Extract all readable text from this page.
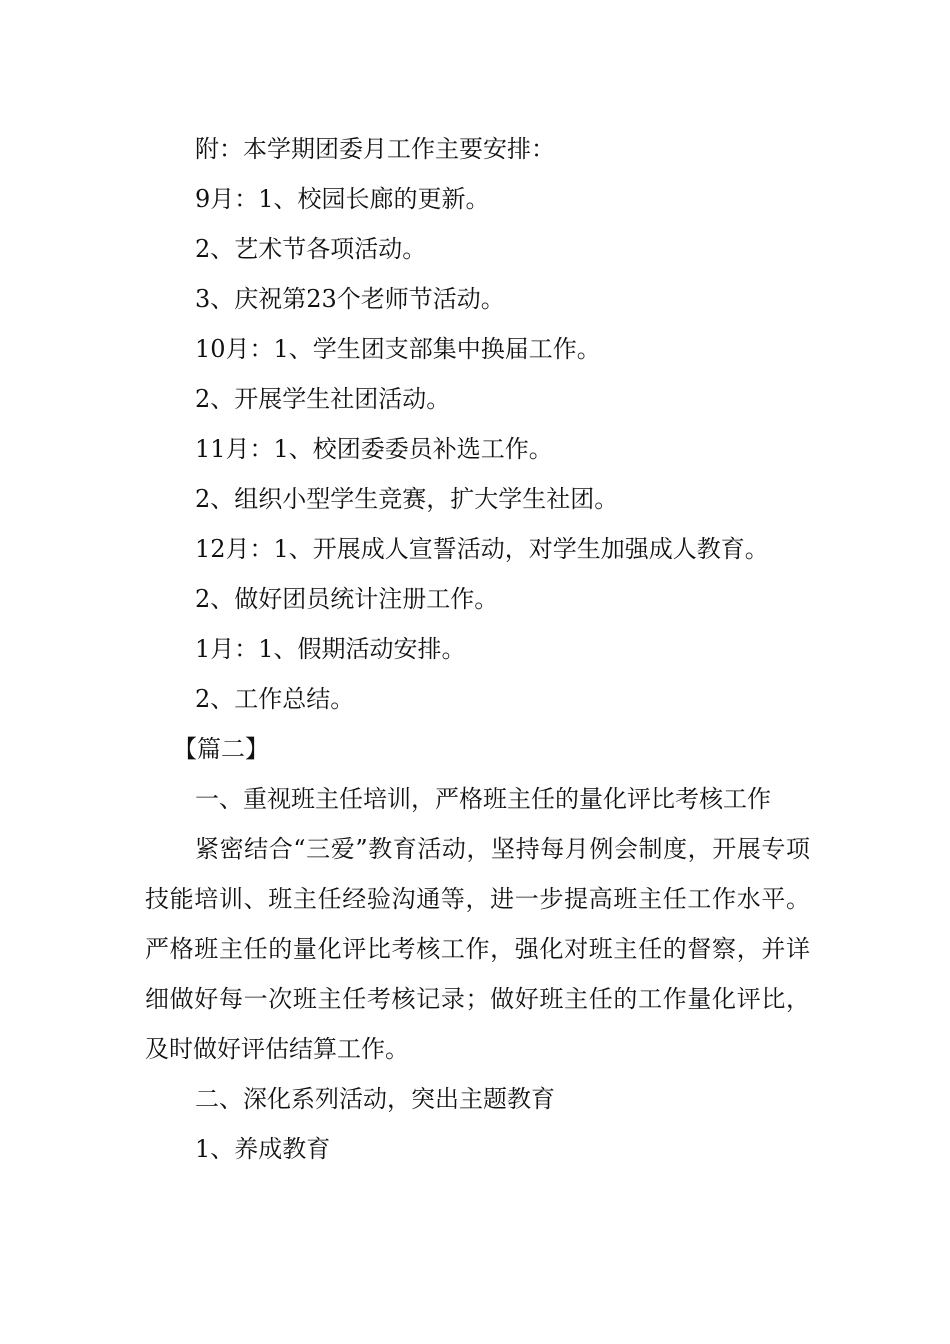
附：本学期团委月工作主要安排：

9月：1、校园长廊的更新。

2、艺术节各项活动。

3、庆祝第23个老师节活动。

10月：1、学生团支部集中换届工作。

2、开展学生社团活动。

11月：1、校团委委员补选工作。

2、组织小型学生竞赛，扩大学生社团。

12月：1、开展成人宣誓活动，对学生加强成人教育。

2、做好团员统计注册工作。

1月：1、假期活动安排。

2、工作总结。

【篇二】

一、重视班主任培训，严格班主任的量化评比考核工作

紧密结合“三爱”教育活动，坚持每月例会制度，开展专项技能培训、班主任经验沟通等，进一步提高班主任工作水平。严格班主任的量化评比考核工作，强化对班主任的督察，并详细做好每一次班主任考核记录；做好班主任的工作量化评比，及时做好评估结算工作。

二、深化系列活动，突出主题教育

1、养成教育
